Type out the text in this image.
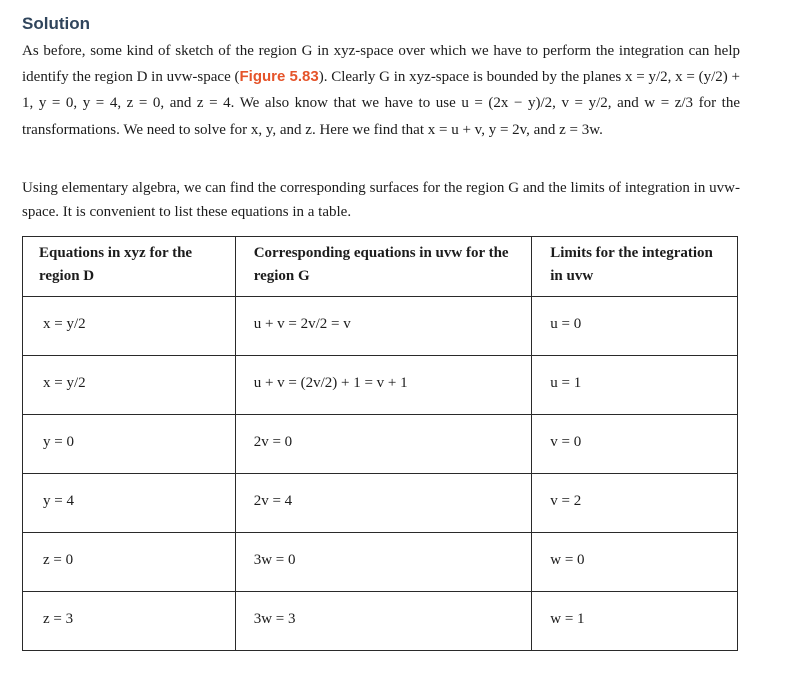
Solution

As before, some kind of sketch of the region G in xyz-space over which we have to perform the integration can help identify the region D in uvw-space (Figure 5.83). Clearly G in xyz-space is bounded by the planes x = y/2, x = (y/2) + 1, y = 0, y = 4, z = 0, and z = 4. We also know that we have to use u = (2x − y)/2, v = y/2, and w = z/3 for the transformations. We need to solve for x, y, and z. Here we find that x = u + v, y = 2v, and z = 3w.

Using elementary algebra, we can find the corresponding surfaces for the region G and the limits of integration in uvw-space. It is convenient to list these equations in a table.

Equations in xyz for the region D	Corresponding equations in uvw for the region G	Limits for the integration in uvw
x = y/2	u + v = 2v/2 = v	u = 0
x = y/2	u + v = (2v/2) + 1 = v + 1	u = 1
y = 0	2v = 0	v = 0
y = 4	2v = 4	v = 2
z = 0	3w = 0	w = 0
z = 3	3w = 3	w = 1
